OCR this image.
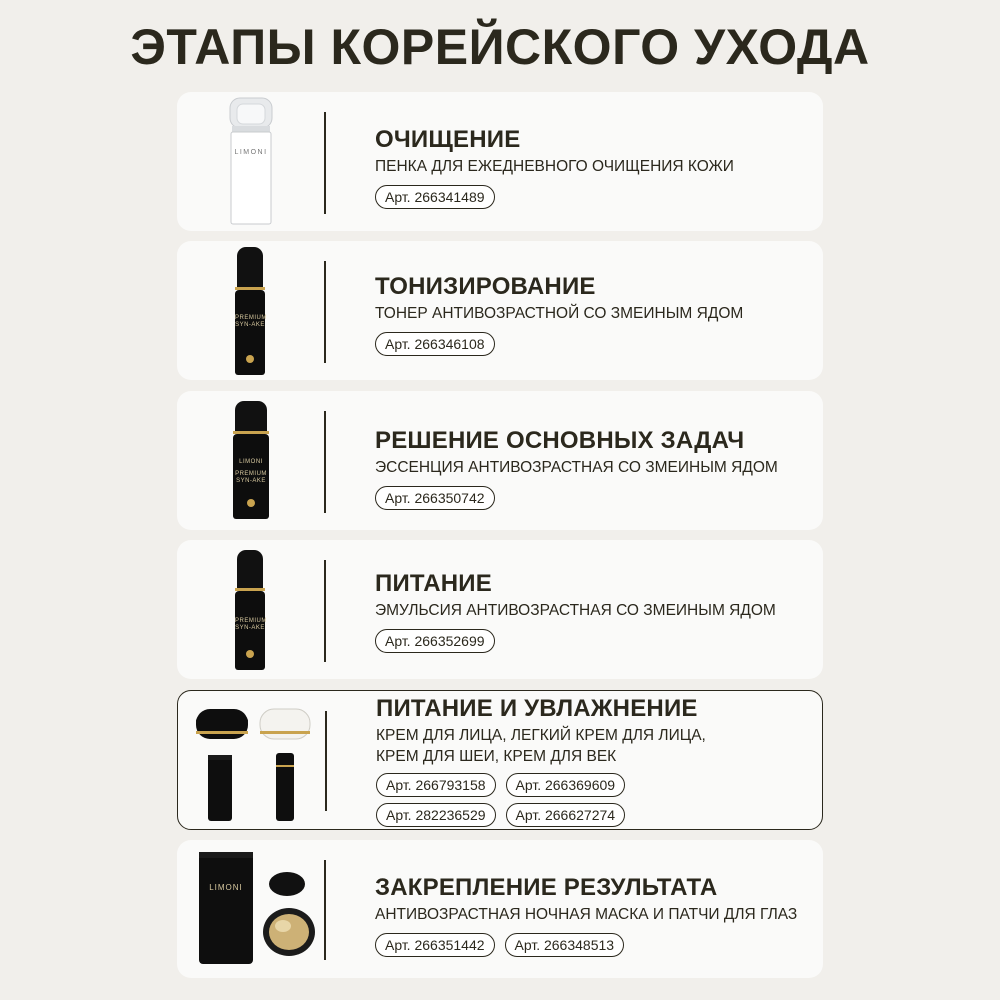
ЭТАПЫ КОРЕЙСКОГО УХОДА
LIMONI	ОЧИЩЕНИЕ
ПЕНКА ДЛЯ ЕЖЕДНЕВНОГО ОЧИЩЕНИЯ КОЖИ
Арт. 266341489
PREMIUM
SYN-AKE
ТОНИЗИРОВАНИЕ
ТОНЕР АНТИВОЗРАСТНОЙ СО ЗМЕИНЫМ ЯДОМ
Арт. 266346108
LIMONI
PREMIUM
SYN-AKE
РЕШЕНИЕ ОСНОВНЫХ ЗАДАЧ
ЭССЕНЦИЯ АНТИВОЗРАСТНАЯ СО ЗМЕИНЫМ ЯДОМ
Арт. 266350742
PREMIUM
SYN-AKE
ПИТАНИЕ
ЭМУЛЬСИЯ АНТИВОЗРАСТНАЯ СО ЗМЕИНЫМ ЯДОМ
Арт. 266352699
ПИТАНИЕ И УВЛАЖНЕНИЕ
КРЕМ ДЛЯ ЛИЦА, ЛЕГКИЙ КРЕМ ДЛЯ ЛИЦА,
КРЕМ ДЛЯ ШЕИ, КРЕМ ДЛЯ ВЕК
Арт. 266793158	Арт. 266369609
Арт. 282236529	Арт. 266627274
LIMONI	ЗАКРЕПЛЕНИЕ РЕЗУЛЬТАТА
АНТИВОЗРАСТНАЯ НОЧНАЯ МАСКА И ПАТЧИ ДЛЯ ГЛАЗ
Арт. 266351442	Арт. 266348513
